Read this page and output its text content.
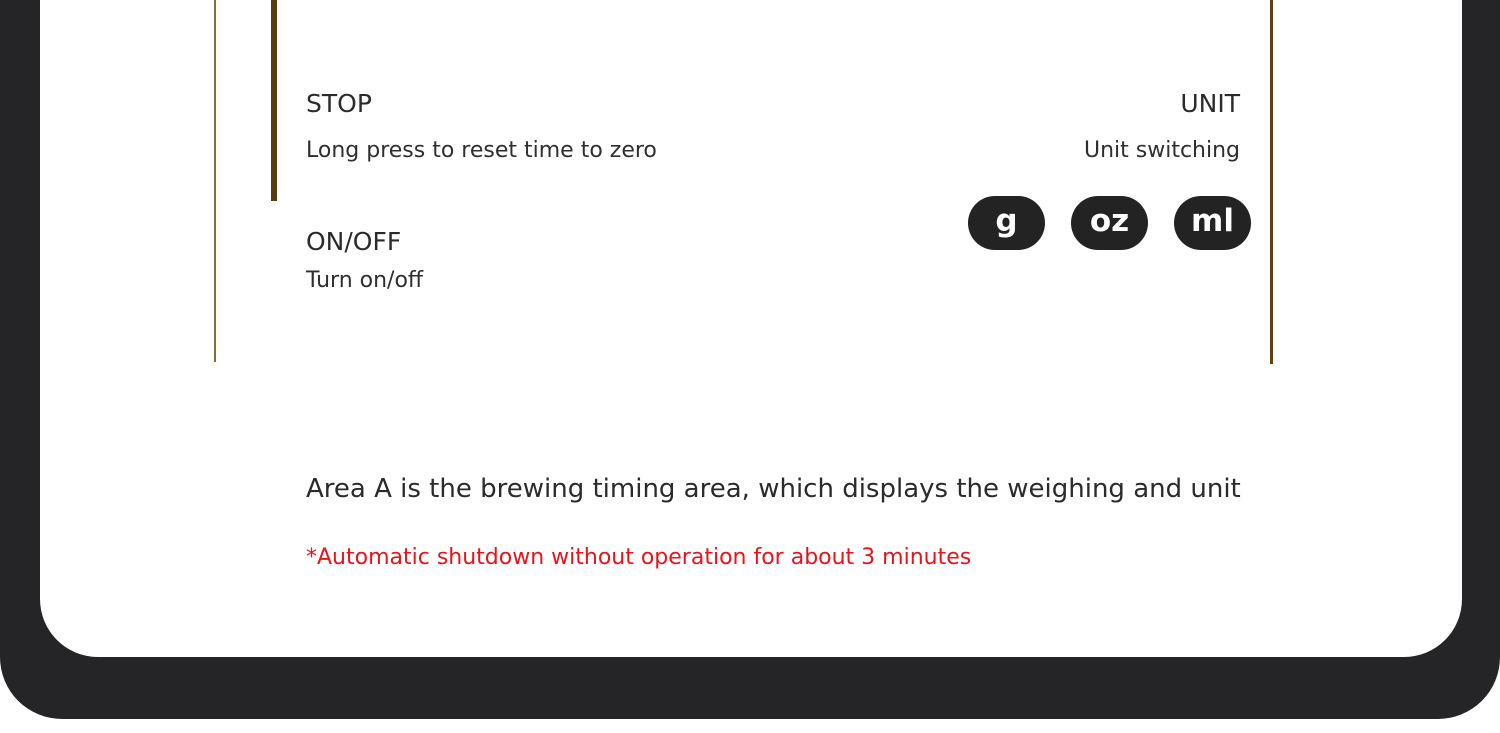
STOP
Long press to reset time to zero
ON/OFF
Turn on/off
UNIT
Unit switching
g	oz	ml
Area A is the brewing timing area, which displays the weighing and unit
*Automatic shutdown without operation for about 3 minutes
